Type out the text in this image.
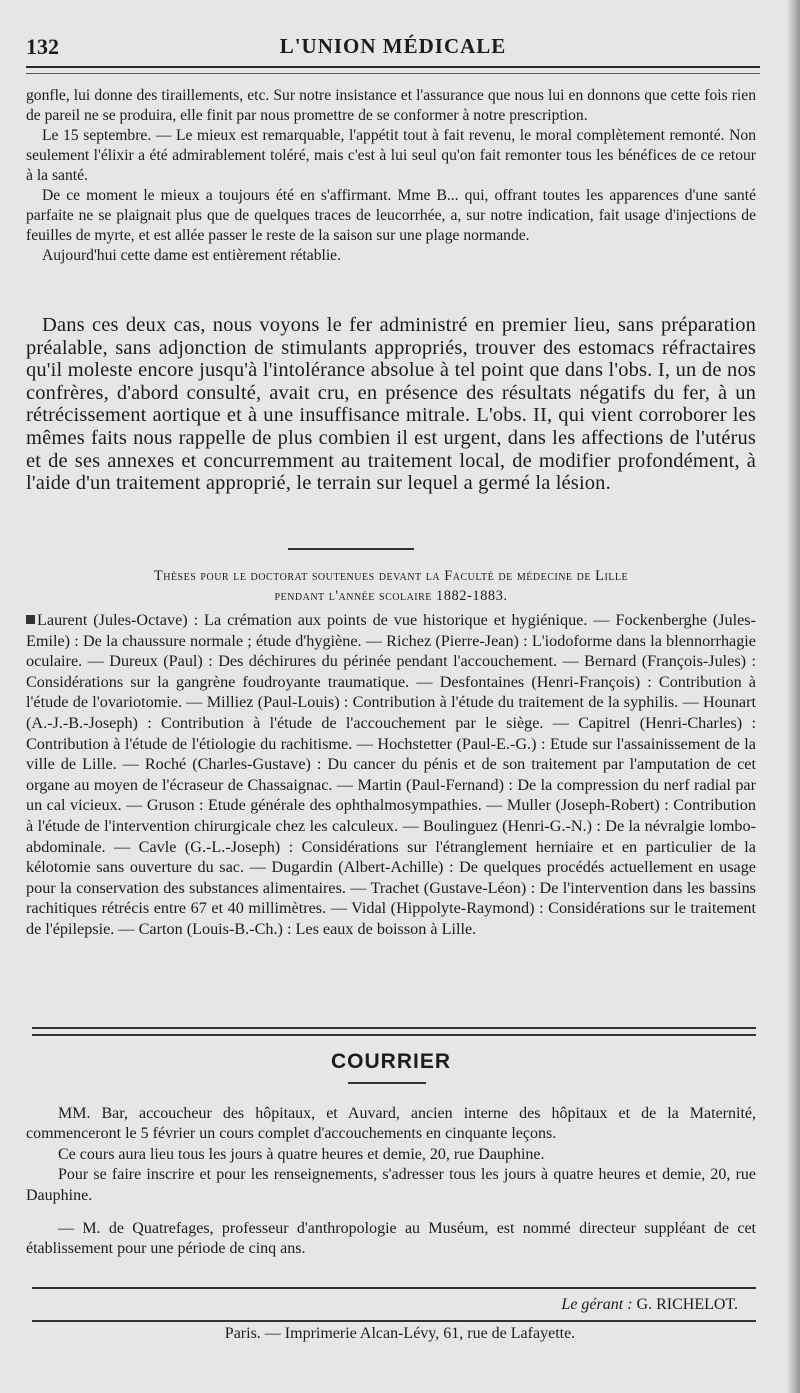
132	L'UNION MÉDICALE

gonfle, lui donne des tiraillements, etc. Sur notre insistance et l'assurance que nous lui en donnons que cette fois rien de pareil ne se produira, elle finit par nous promettre de se conformer à notre prescription.

Le 15 septembre. — Le mieux est remarquable, l'appétit tout à fait revenu, le moral complètement remonté. Non seulement l'élixir a été admirablement toléré, mais c'est à lui seul qu'on fait remonter tous les bénéfices de ce retour à la santé.

De ce moment le mieux a toujours été en s'affirmant. Mme B... qui, offrant toutes les apparences d'une santé parfaite ne se plaignait plus que de quelques traces de leucorrhée, a, sur notre indication, fait usage d'injections de feuilles de myrte, et est allée passer le reste de la saison sur une plage normande.

Aujourd'hui cette dame est entièrement rétablie.

Dans ces deux cas, nous voyons le fer administré en premier lieu, sans préparation préalable, sans adjonction de stimulants appropriés, trouver des estomacs réfractaires qu'il moleste encore jusqu'à l'intolérance absolue à tel point que dans l'obs. I, un de nos confrères, d'abord consulté, avait cru, en présence des résultats négatifs du fer, à un rétrécissement aortique et à une insuffisance mitrale. L'obs. II, qui vient corroborer les mêmes faits nous rappelle de plus combien il est urgent, dans les affections de l'utérus et de ses annexes et concurremment au traitement local, de modifier profondément, à l'aide d'un traitement approprié, le terrain sur lequel a germé la lésion.

Thèses pour le doctorat soutenues devant la Faculté de médecine de Lille
pendant l'année scolaire 1882-1883.

Laurent (Jules-Octave) : La crémation aux points de vue historique et hygiénique. — Fockenberghe (Jules-Emile) : De la chaussure normale ; étude d'hygiène. — Richez (Pierre-Jean) : L'iodoforme dans la blennorrhagie oculaire. — Dureux (Paul) : Des déchirures du périnée pendant l'accouchement. — Bernard (François-Jules) : Considérations sur la gangrène foudroyante traumatique. — Desfontaines (Henri-François) : Contribution à l'étude de l'ovariotomie. — Milliez (Paul-Louis) : Contribution à l'étude du traitement de la syphilis. — Hounart (A.-J.-B.-Joseph) : Contribution à l'étude de l'accouchement par le siège. — Capitrel (Henri-Charles) : Contribution à l'étude de l'étiologie du rachitisme. — Hochstetter (Paul-E.-G.) : Etude sur l'assainissement de la ville de Lille. — Roché (Charles-Gustave) : Du cancer du pénis et de son traitement par l'amputation de cet organe au moyen de l'écraseur de Chassaignac. — Martin (Paul-Fernand) : De la compression du nerf radial par un cal vicieux. — Gruson : Etude générale des ophthalmosympathies. — Muller (Joseph-Robert) : Contribution à l'étude de l'intervention chirurgicale chez les calculeux. — Boulinguez (Henri-G.-N.) : De la névralgie lombo-abdominale. — Cavle (G.-L.-Joseph) : Considérations sur l'étranglement herniaire et en particulier de la kélotomie sans ouverture du sac. — Dugardin (Albert-Achille) : De quelques procédés actuellement en usage pour la conservation des substances alimentaires. — Trachet (Gustave-Léon) : De l'intervention dans les bassins rachitiques rétrécis entre 67 et 40 millimètres. — Vidal (Hippolyte-Raymond) : Considérations sur le traitement de l'épilepsie. — Carton (Louis-B.-Ch.) : Les eaux de boisson à Lille.

COURRIER

MM. Bar, accoucheur des hôpitaux, et Auvard, ancien interne des hôpitaux et de la Maternité, commenceront le 5 février un cours complet d'accouchements en cinquante leçons.

Ce cours aura lieu tous les jours à quatre heures et demie, 20, rue Dauphine.

Pour se faire inscrire et pour les renseignements, s'adresser tous les jours à quatre heures et demie, 20, rue Dauphine.

— M. de Quatrefages, professeur d'anthropologie au Muséum, est nommé directeur suppléant de cet établissement pour une période de cinq ans.

Le gérant : G. RICHELOT.
Paris. — Imprimerie Alcan-Lévy, 61, rue de Lafayette.
